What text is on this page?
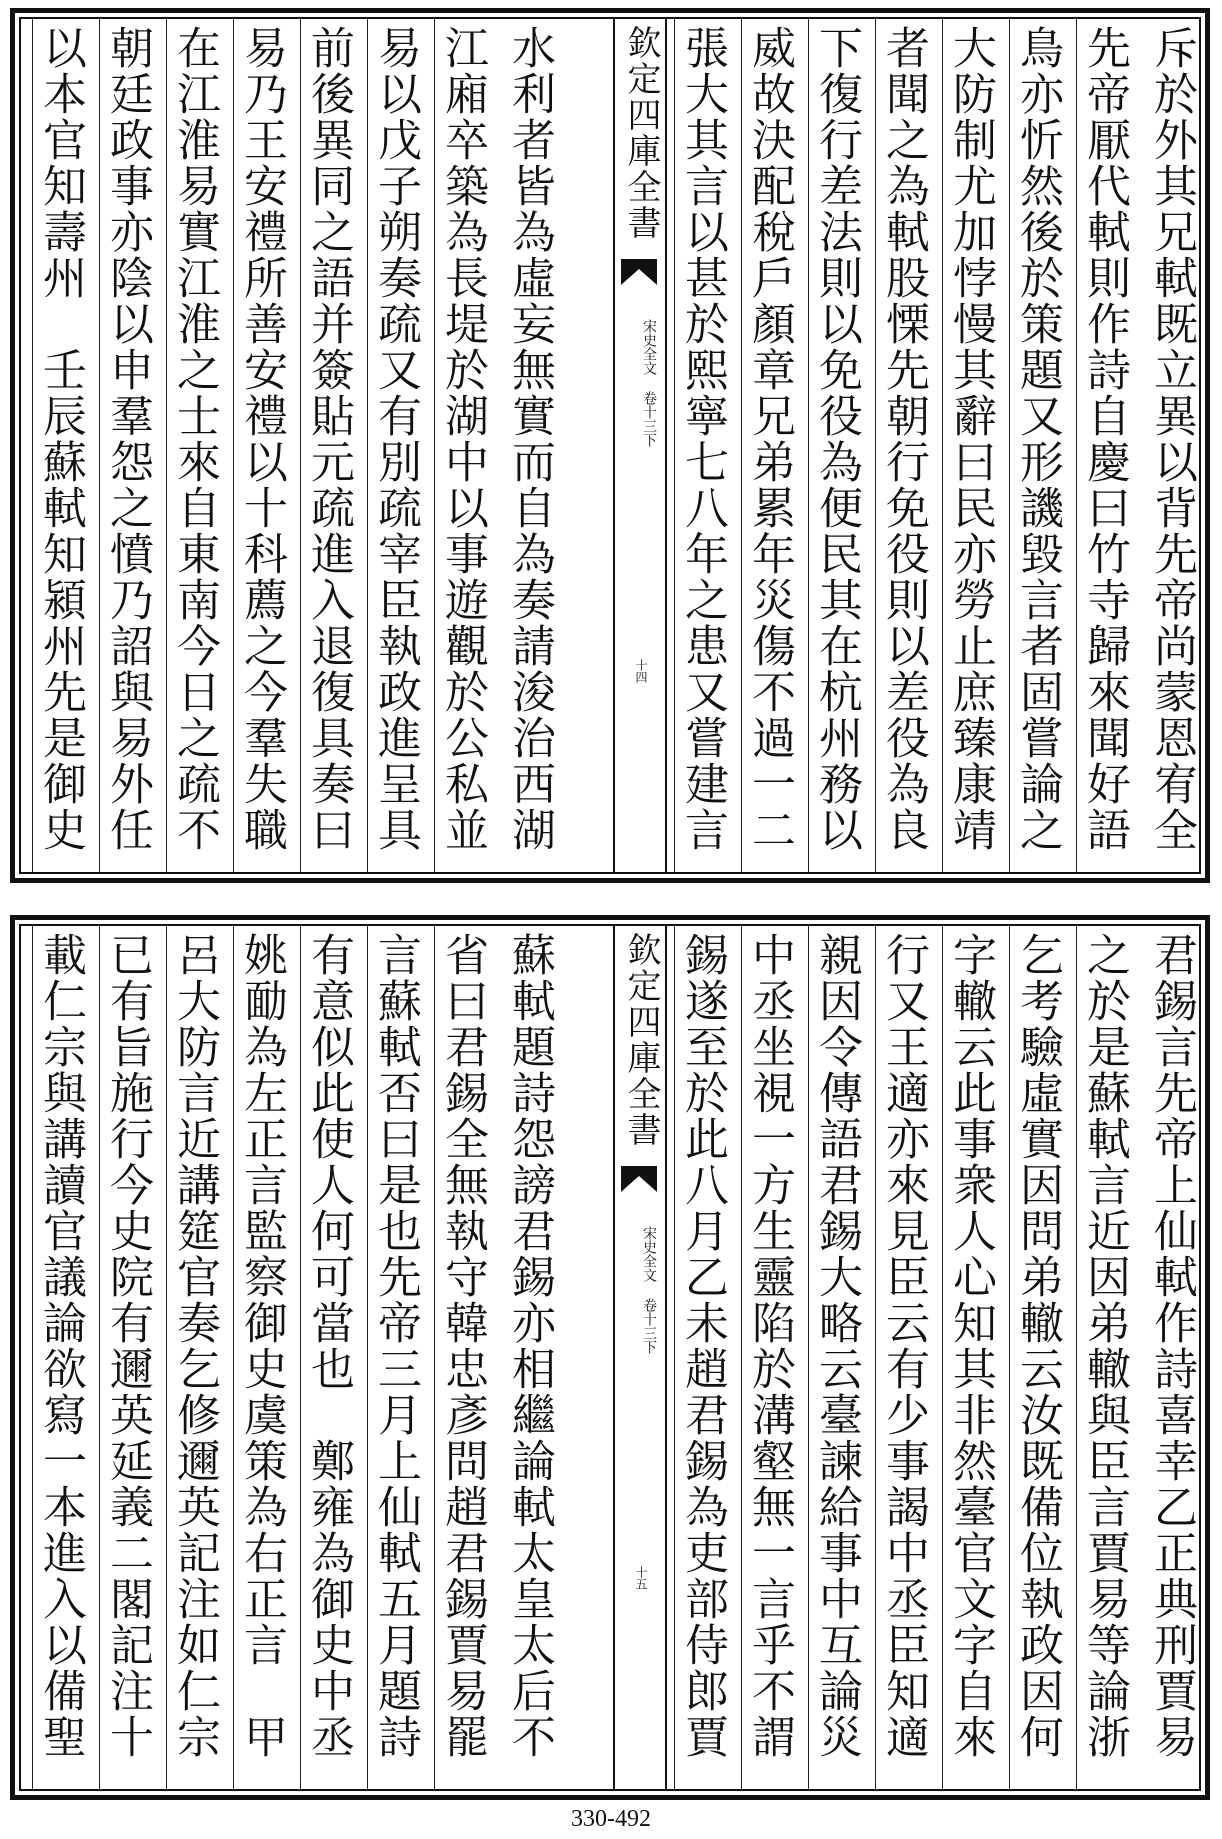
斥於外其兄軾既立異以背先帝尚蒙恩宥全
先帝厭代軾則作詩自慶曰竹寺歸來聞好語
鳥亦忻然後於策題又形譏毀言者固嘗論之
大防制尤加悖慢其辭曰民亦勞止庶臻康靖
者聞之為軾股慄先朝行免役則以差役為良
下復行差法則以免役為便民其在杭州務以
威故決配稅戶顏章兄弟累年災傷不過一二
張大其言以甚於熙寧七八年之患又嘗建言
欽定四庫全書
宋史全文 卷十三下
十四
水利者皆為虛妄無實而自為奏請浚治西湖
江廂卒築為長堤於湖中以事遊觀於公私並
易以戊子朔奏疏又有別疏宰臣執政進呈具
前後異同之語并簽貼元疏進入退復具奏曰
易乃王安禮所善安禮以十科薦之今羣失職
在江淮易實江淮之士來自東南今日之疏不
朝廷政事亦陰以申羣怨之憤乃詔與易外任
以本官知壽州　壬辰蘇軾知潁州先是御史
君錫言先帝上仙軾作詩喜幸乙正典刑賈易
之於是蘇軾言近因弟轍與臣言賈易等論浙
乞考驗虛實因問弟轍云汝既備位執政因何
字轍云此事衆人心知其非然臺官文字自來
行又王適亦來見臣云有少事謁中丞臣知適
親因令傳語君錫大略云臺諫給事中互論災
中丞坐視一方生靈陷於溝壑無一言乎不謂
錫遂至於此八月乙未趙君錫為吏部侍郎賈
欽定四庫全書
宋史全文 卷十三下
十五
蘇軾題詩怨謗君錫亦相繼論軾太皇太后不
省曰君錫全無執守韓忠彥問趙君錫賈易罷
言蘇軾否曰是也先帝三月上仙軾五月題詩
有意似此使人何可當也　鄭雍為御史中丞
姚勔為左正言監察御史虞策為右正言　甲
呂大防言近講筵官奏乞修邇英記注如仁宗
已有旨施行今史院有邇英延義二閣記注十
載仁宗與講讀官議論欲寫一本進入以備聖
330-492
